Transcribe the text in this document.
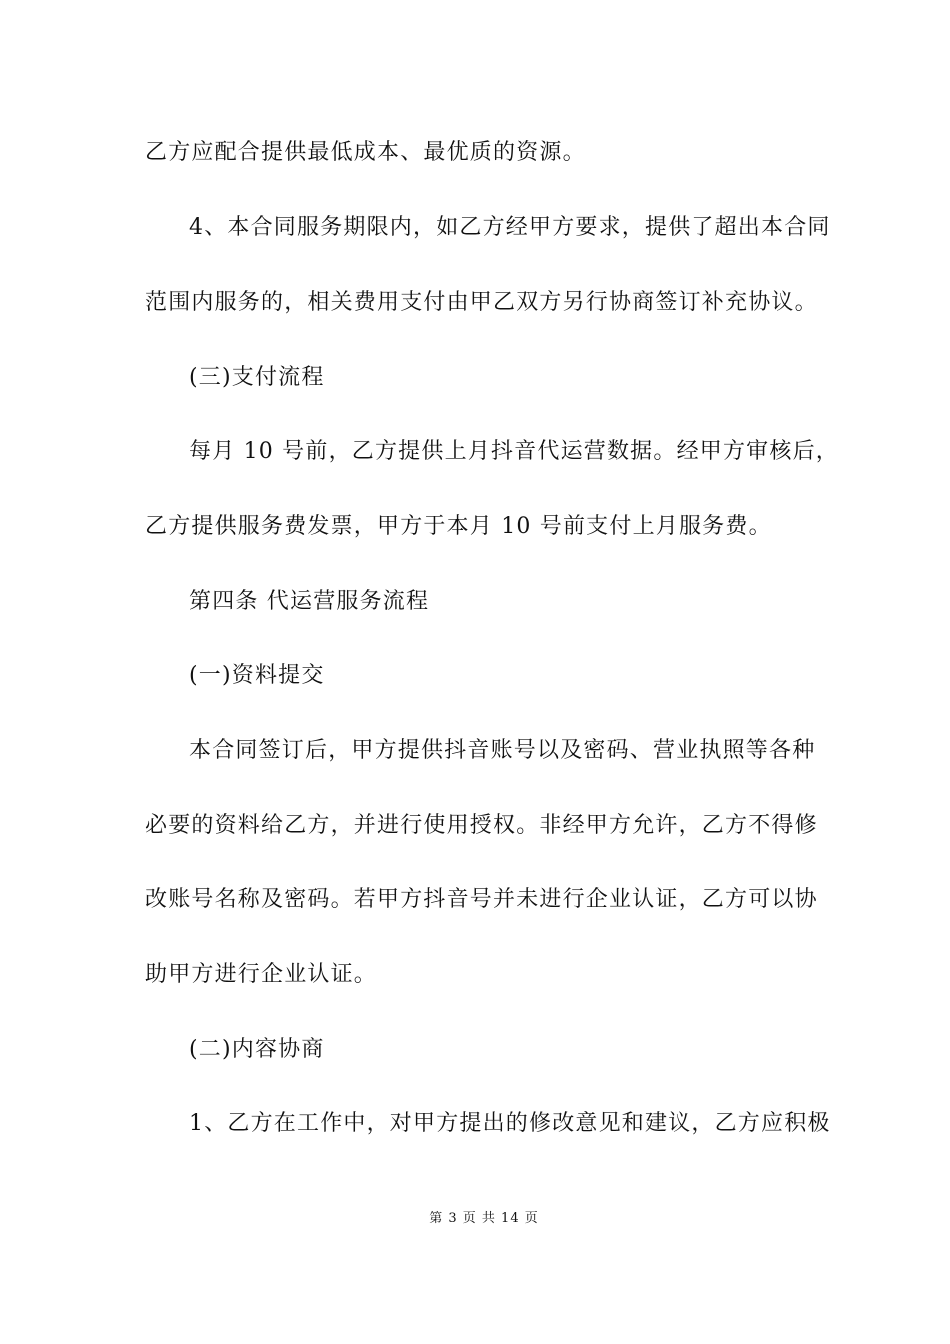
乙方应配合提供最低成本、最优质的资源。
4、本合同服务期限内，如乙方经甲方要求，提供了超出本合同
范围内服务的，相关费用支付由甲乙双方另行协商签订补充协议。
(三)支付流程
每月 10 号前，乙方提供上月抖音代运营数据。经甲方审核后，
乙方提供服务费发票，甲方于本月 10 号前支付上月服务费。
第四条 代运营服务流程
(一)资料提交
本合同签订后，甲方提供抖音账号以及密码、营业执照等各种
必要的资料给乙方，并进行使用授权。非经甲方允许，乙方不得修
改账号名称及密码。若甲方抖音号并未进行企业认证，乙方可以协
助甲方进行企业认证。
(二)内容协商
1、乙方在工作中，对甲方提出的修改意见和建议，乙方应积极
第 3 页 共 14 页
